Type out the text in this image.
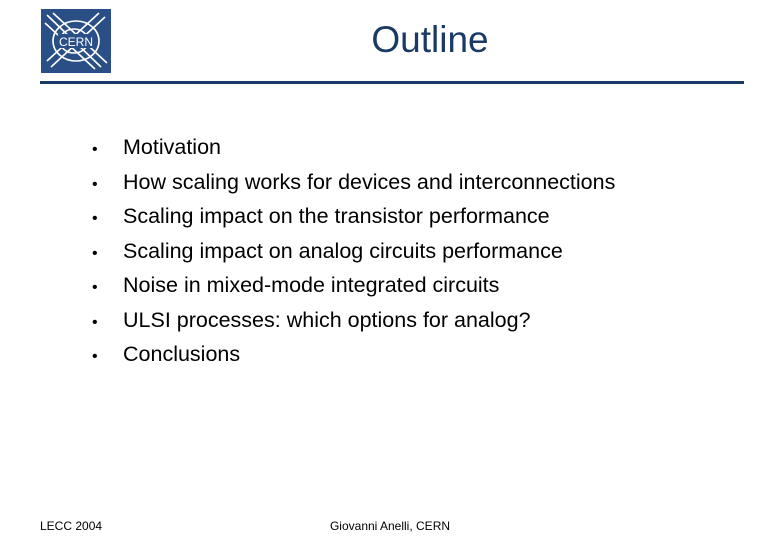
CERN	Outline
•	Motivation
•	How scaling works for devices and interconnections
•	Scaling impact on the transistor performance
•	Scaling impact on analog circuits performance
•	Noise in mixed-mode integrated circuits
•	ULSI processes: which options for analog?
•	Conclusions
LECC 2004	Giovanni Anelli, CERN
